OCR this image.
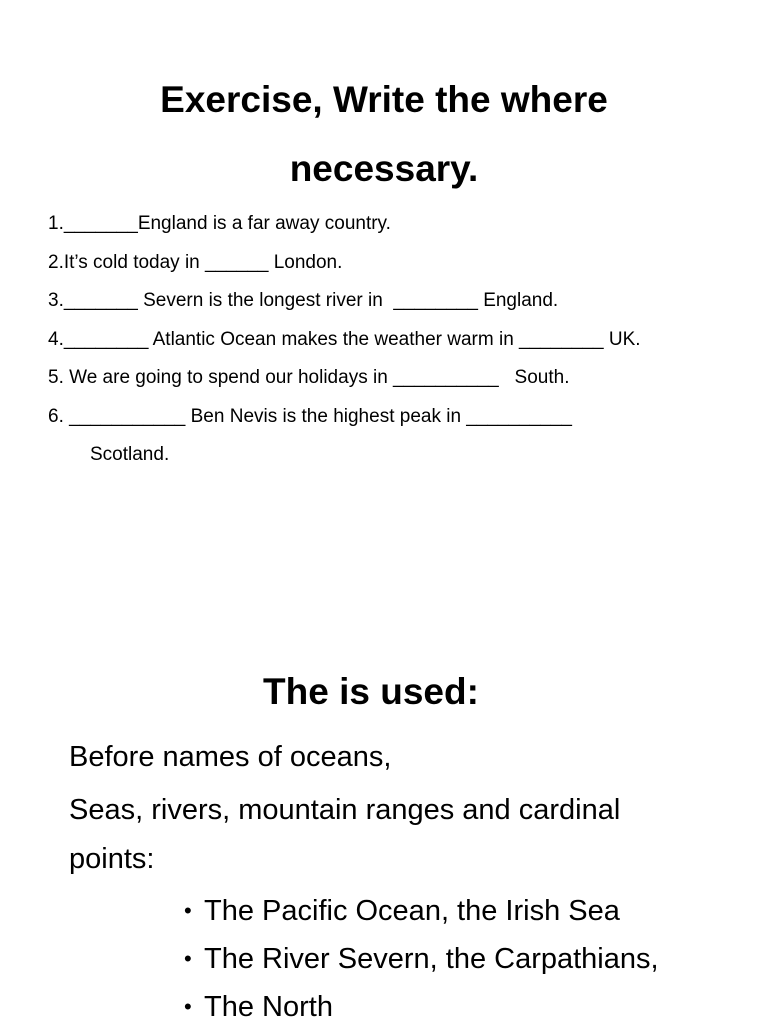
Exercise, Write the where
necessary.
1._______England is a far away country.
2.It’s cold today in ______ London.
3._______ Severn is the longest river in  ________ England.
4.________ Atlantic Ocean makes the weather warm in ________ UK.
5. We are going to spend our holidays in __________   South.
6. ___________ Ben Nevis is the highest peak in __________
Scotland.
The is used:

Before names of oceans,

Seas, rivers, mountain ranges and cardinal

points:

• The Pacific Ocean, the Irish Sea
• The River Severn, the Carpathians,
• The North
